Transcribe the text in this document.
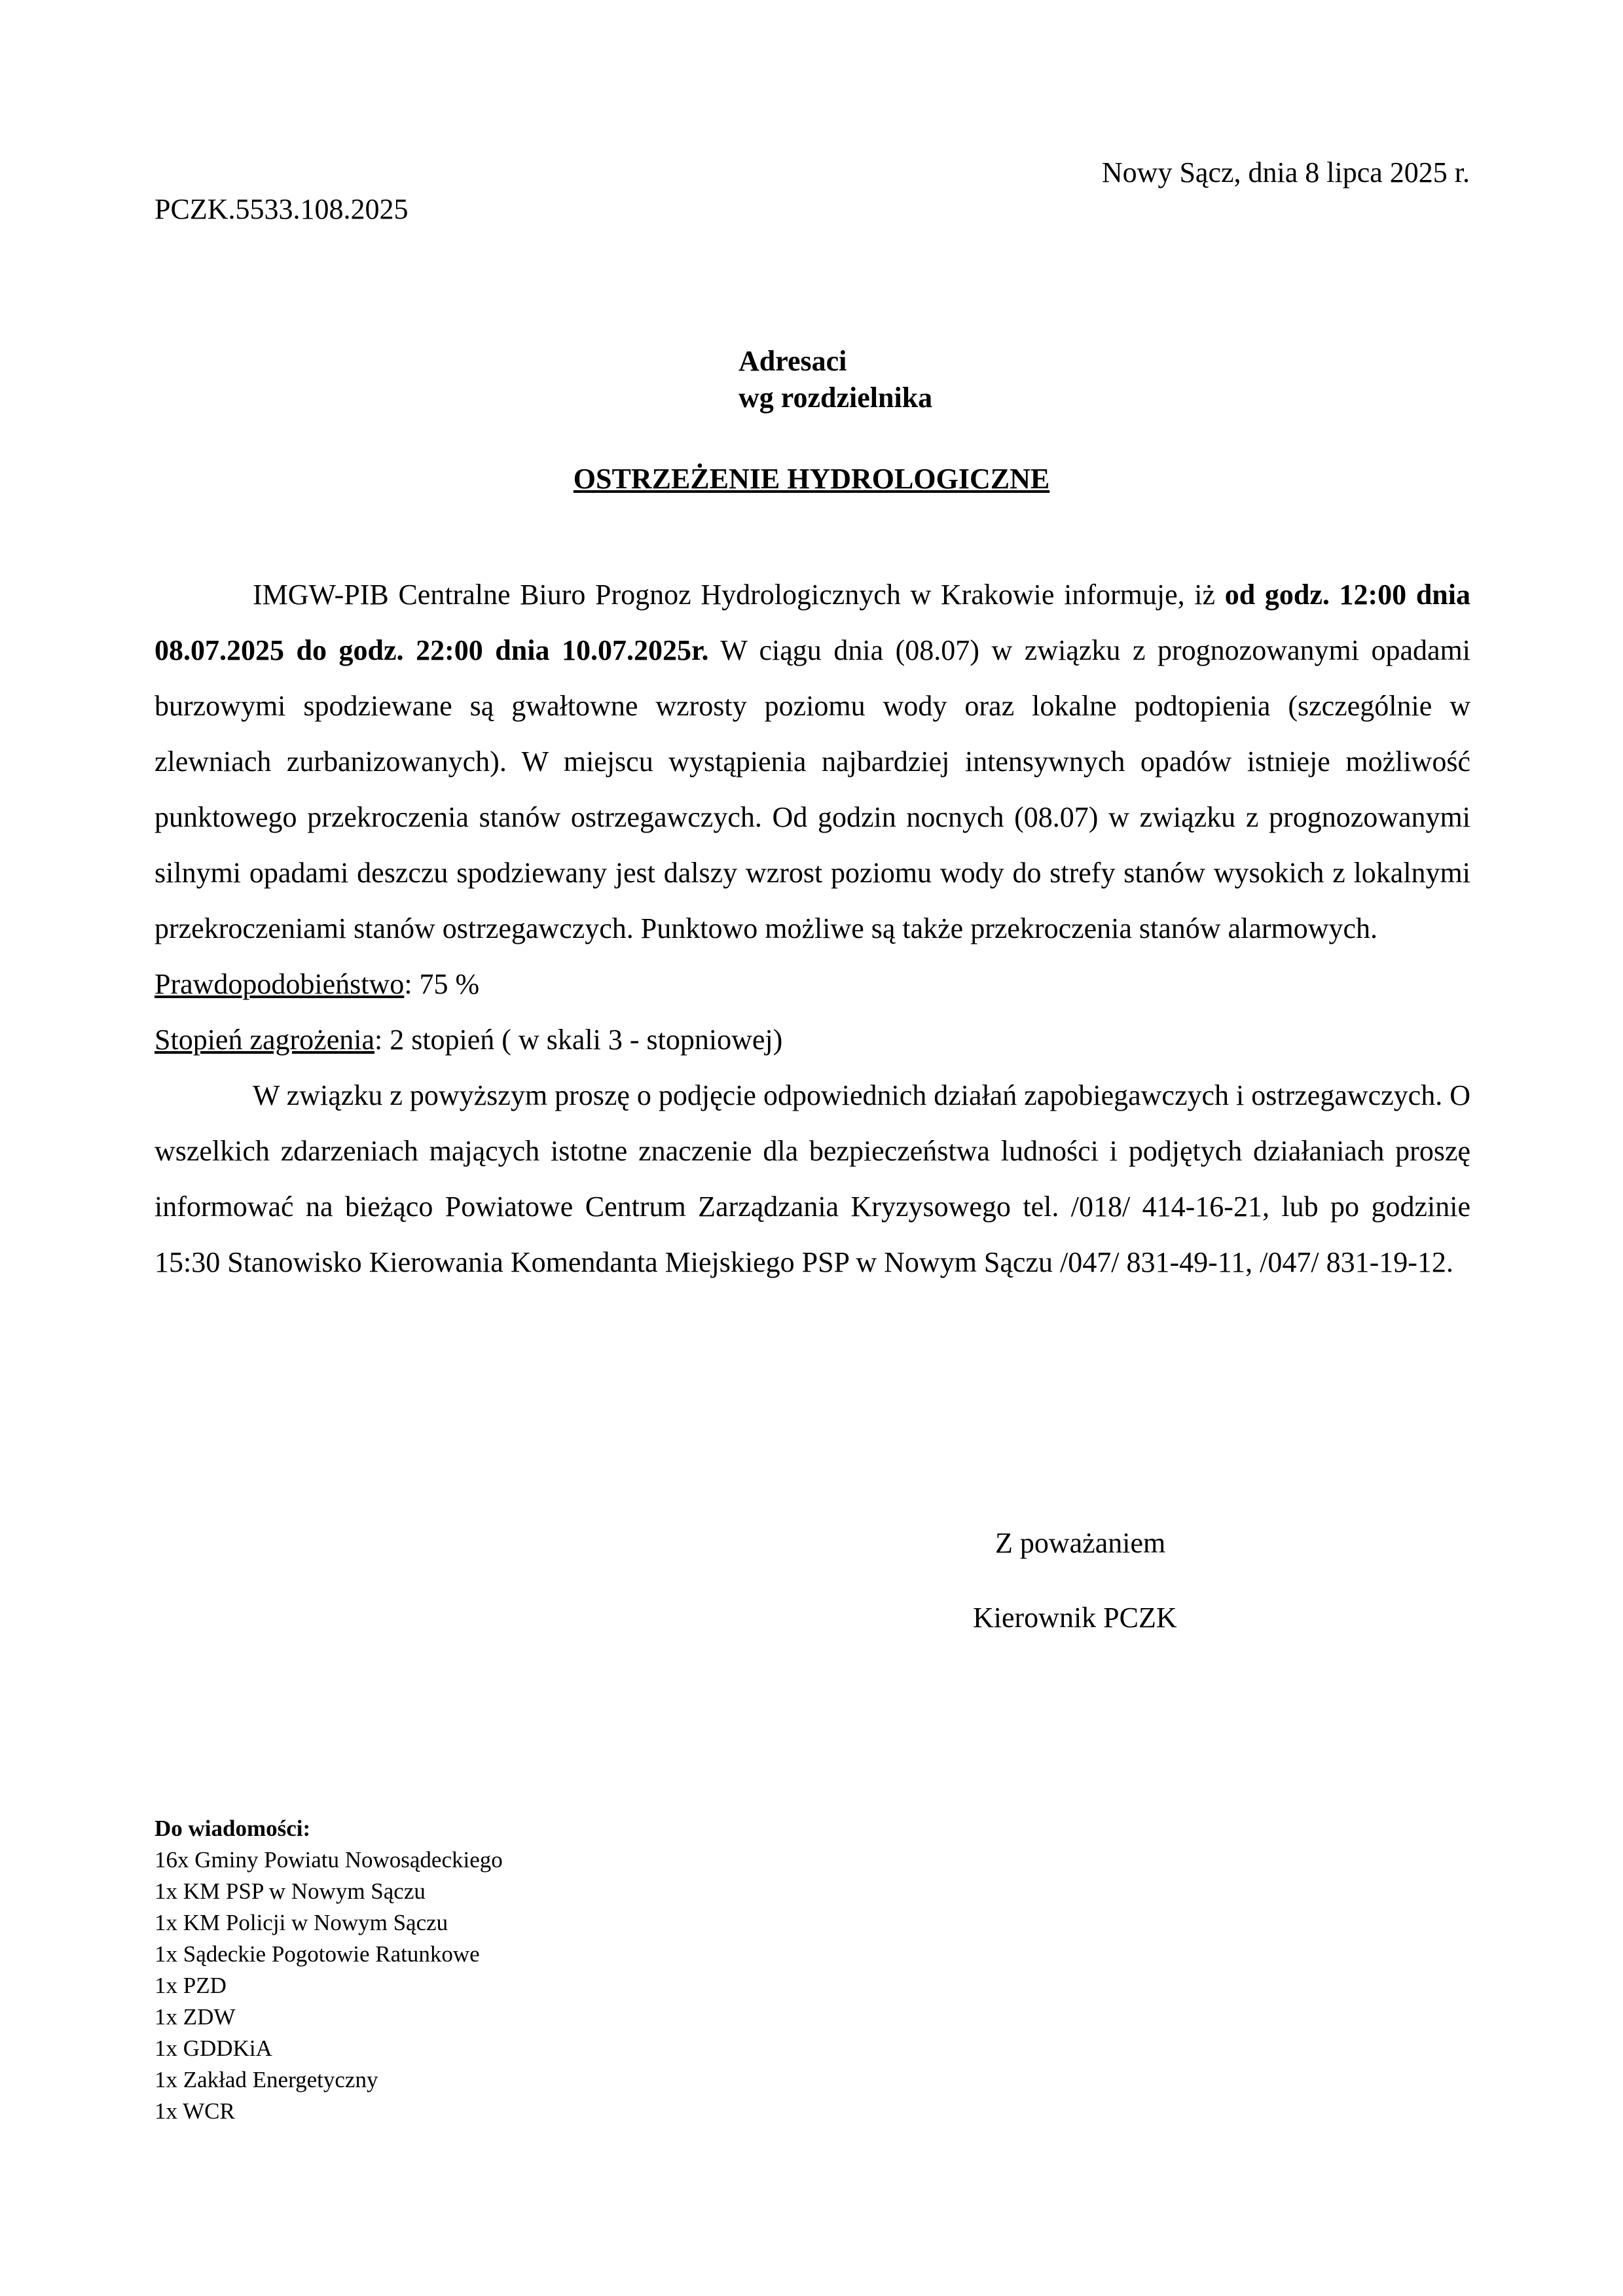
PCZK.5533.108.2025
Nowy Sącz, dnia 8 lipca 2025 r.
Adresaci
wg rozdzielnika
OSTRZEŻENIE HYDROLOGICZNE

IMGW-PIB Centralne Biuro Prognoz Hydrologicznych w Krakowie informuje, iż od godz. 12:00 dnia 08.07.2025 do godz. 22:00 dnia 10.07.2025r. W ciągu dnia (08.07) w związku z prognozowanymi opadami burzowymi spodziewane są gwałtowne wzrosty poziomu wody oraz lokalne podtopienia (szczególnie w zlewniach zurbanizowanych). W miejscu wystąpienia najbardziej intensywnych opadów istnieje możliwość punktowego przekroczenia stanów ostrzegawczych. Od godzin nocnych (08.07) w związku z prognozowanymi silnymi opadami deszczu spodziewany jest dalszy wzrost poziomu wody do strefy stanów wysokich z lokalnymi przekroczeniami stanów ostrzegawczych. Punktowo możliwe są także przekroczenia stanów alarmowych.

Prawdopodobieństwo: 75 %

Stopień zagrożenia: 2 stopień ( w skali 3 - stopniowej)

W związku z powyższym proszę o podjęcie odpowiednich działań zapobiegawczych i ostrzegawczych. O wszelkich zdarzeniach mających istotne znaczenie dla bezpieczeństwa ludności i podjętych działaniach proszę informować na bieżąco Powiatowe Centrum Zarządzania Kryzysowego tel. /018/ 414-16-21, lub po godzinie 15:30 Stanowisko Kierowania Komendanta Miejskiego PSP w Nowym Sączu /047/ 831-49-11, /047/ 831-19-12.

Z poważaniem
Kierownik PCZK
Do wiadomości:
16x Gminy Powiatu Nowosądeckiego
1x KM PSP w Nowym Sączu
1x KM Policji w Nowym Sączu
1x Sądeckie Pogotowie Ratunkowe
1x PZD
1x ZDW
1x GDDKiA
1x Zakład Energetyczny
1x WCR
